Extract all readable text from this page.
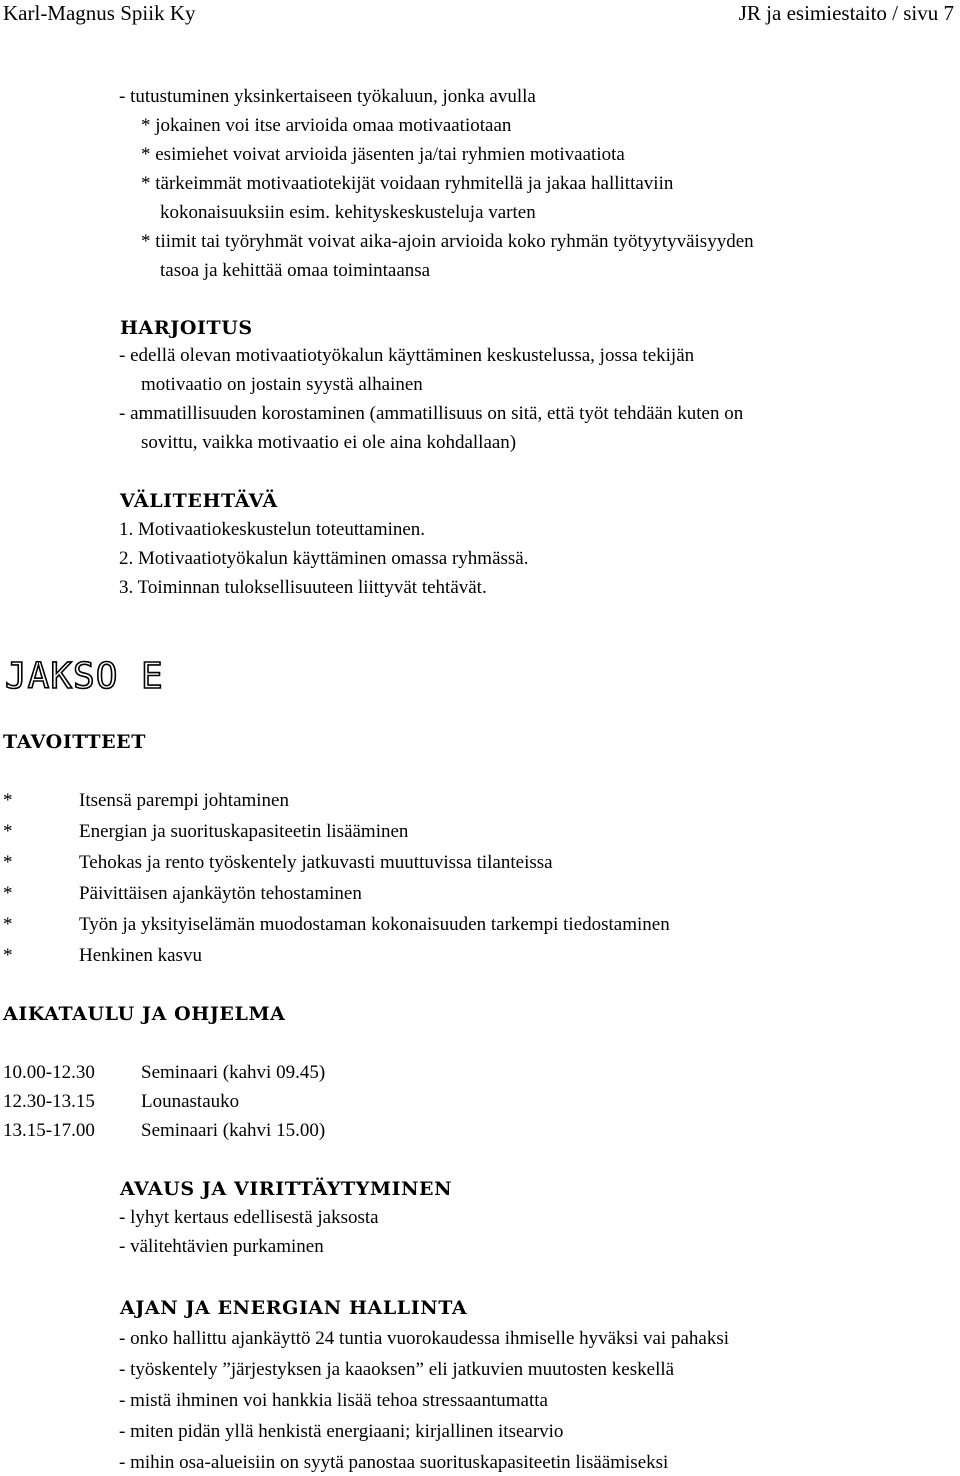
Karl-Magnus Spiik Ky	JR ja esimiestaito / sivu 7
- tutustuminen yksinkertaiseen työkaluun, jonka avulla
* jokainen voi itse arvioida omaa motivaatiotaan
* esimiehet voivat arvioida jäsenten ja/tai ryhmien motivaatiota
* tärkeimmät motivaatiotekijät voidaan ryhmitellä ja jakaa hallittaviin
kokonaisuuksiin esim. kehityskeskusteluja varten
* tiimit tai työryhmät voivat aika-ajoin arvioida koko ryhmän työtyytyväisyyden
tasoa ja kehittää omaa toimintaansa
HARJOITUS
- edellä olevan motivaatiotyökalun käyttäminen keskustelussa, jossa tekijän
motivaatio on jostain syystä alhainen
- ammatillisuuden korostaminen (ammatillisuus on sitä, että työt tehdään kuten on
sovittu, vaikka motivaatio ei ole aina kohdallaan)
VÄLITEHTÄVÄ
1. Motivaatiokeskustelun toteuttaminen.
2. Motivaatiotyökalun käyttäminen omassa ryhmässä.
3. Toiminnan tuloksellisuuteen liittyvät tehtävät.
JAKSO E
TAVOITTEET
*	Itsensä parempi johtaminen
*	Energian ja suorituskapasiteetin lisääminen
*	Tehokas ja rento työskentely jatkuvasti muuttuvissa tilanteissa
*	Päivittäisen ajankäytön tehostaminen
*	Työn ja yksityiselämän muodostaman kokonaisuuden tarkempi tiedostaminen
*	Henkinen kasvu
AIKATAULU JA OHJELMA
10.00-12.30 Seminaari (kahvi 09.45)
12.30-13.15 Lounastauko
13.15-17.00 Seminaari (kahvi 15.00)
AVAUS JA VIRITTÄYTYMINEN
- lyhyt kertaus edellisestä jaksosta
- välitehtävien purkaminen
AJAN JA ENERGIAN HALLINTA
- onko hallittu ajankäyttö 24 tuntia vuorokaudessa ihmiselle hyväksi vai pahaksi
- työskentely ”järjestyksen ja kaaoksen” eli jatkuvien muutosten keskellä
- mistä ihminen voi hankkia lisää tehoa stressaantumatta
- miten pidän yllä henkistä energiaani; kirjallinen itsearvio
- mihin osa-alueisiin on syytä panostaa suorituskapasiteetin lisäämiseksi
